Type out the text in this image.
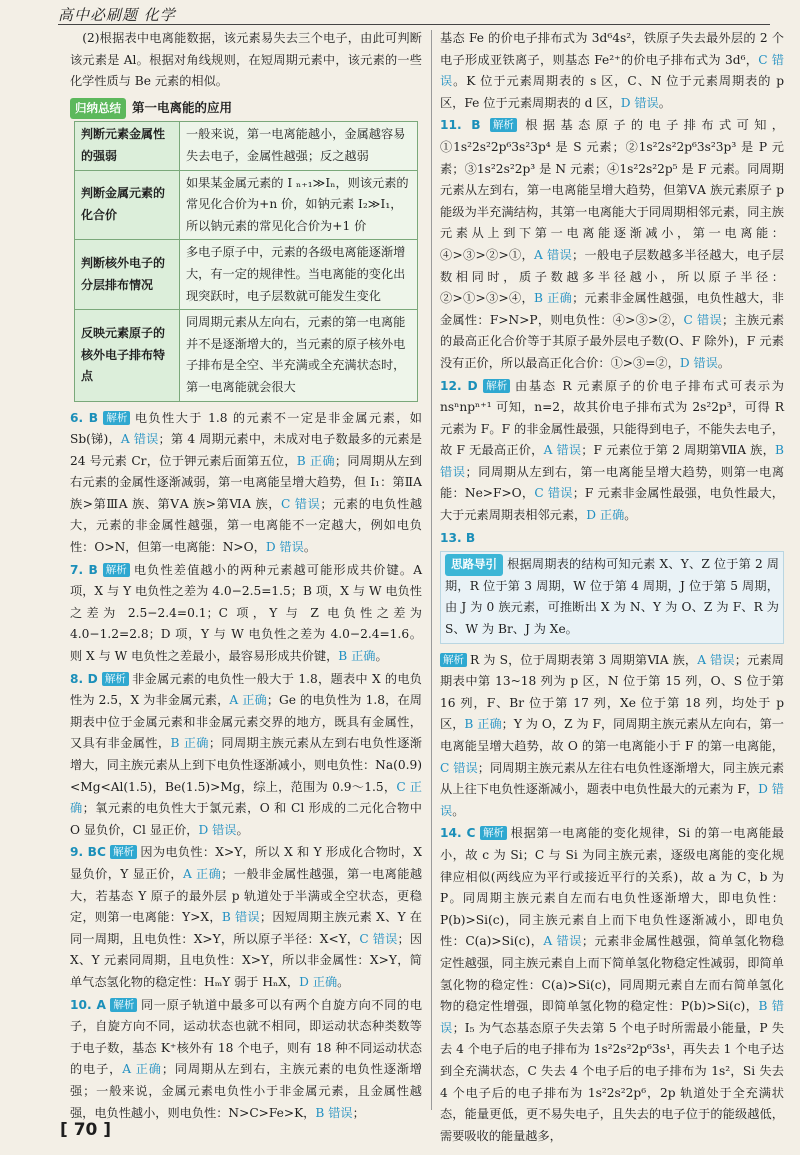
高中必刷题 化学

(2)根据表中电离能数据，该元素易失去三个电子，由此可判断该元素是 Al。根据对角线规则，在短周期元素中，该元素的一些化学性质与 Be 元素的相似。

归纳总结 第一电离能的应用
判断元素金属性的强弱	一般来说，第一电离能越小，金属越容易失去电子，金属性越强；反之越弱
判断金属元素的化合价	如果某金属元素的 I ₙ₊₁≫Iₙ，则该元素的常见化合价为+n 价，如钠元素 I₂≫I₁，所以钠元素的常见化合价为+1 价
判断核外电子的分层排布情况	多电子原子中，元素的各级电离能逐渐增大，有一定的规律性。当电离能的变化出现突跃时，电子层数就可能发生变化
反映元素原子的核外电子排布特点	同周期元素从左向右，元素的第一电离能并不是逐渐增大的，当元素的原子核外电子排布是全空、半充满或全充满状态时，第一电离能就会很大

6. B 解析 电负性大于 1.8 的元素不一定是非金属元素，如 Sb(锑)，A 错误；第 4 周期元素中，未成对电子数最多的元素是 24 号元素 Cr，位于钾元素后面第五位，B 正确；同周期从左到右元素的金属性逐渐减弱，第一电离能呈增大趋势，但 I₁：第ⅡA 族>第ⅢA 族、第ⅤA 族>第ⅥA 族，C 错误；元素的电负性越大，元素的非金属性越强，第一电离能不一定越大，例如电负性：O>N，但第一电离能：N>O，D 错误。

7. B 解析 电负性差值越小的两种元素越可能形成共价键。A 项，X 与 Y 电负性之差为 4.0−2.5=1.5；B 项，X 与 W 电负性之差为 2.5−2.4=0.1；C 项，Y 与 Z 电负性之差为 4.0−1.2=2.8；D 项，Y 与 W 电负性之差为 4.0−2.4=1.6。则 X 与 W 电负性之差最小，最容易形成共价键，B 正确。

8. D 解析 非金属元素的电负性一般大于 1.8，题表中 X 的电负性为 2.5，X 为非金属元素，A 正确；Ge 的电负性为 1.8，在周期表中位于金属元素和非金属元素交界的地方，既具有金属性，又具有非金属性，B 正确；同周期主族元素从左到右电负性逐渐增大，同主族元素从上到下电负性逐渐减小，则电负性：Na(0.9)<Mg<Al(1.5)，Be(1.5)>Mg，综上，范围为 0.9～1.5，C 正确；氧元素的电负性大于氯元素，O 和 Cl 形成的二元化合物中 O 显负价，Cl 显正价，D 错误。

9. BC 解析 因为电负性：X>Y，所以 X 和 Y 形成化合物时，X 显负价，Y 显正价，A 正确；一般非金属性越强，第一电离能越大，若基态 Y 原子的最外层 p 轨道处于半满或全空状态，更稳定，则第一电离能：Y>X，B 错误；因短周期主族元素 X、Y 在同一周期，且电负性：X>Y，所以原子半径：X<Y，C 错误；因 X、Y 元素同周期，且电负性：X>Y，所以非金属性：X>Y，简单气态氢化物的稳定性：HₘY 弱于 HₙX，D 正确。

10. A 解析 同一原子轨道中最多可以有两个自旋方向不同的电子，自旋方向不同，运动状态也就不相同，即运动状态种类数等于电子数，基态 K⁺核外有 18 个电子，则有 18 种不同运动状态的电子，A 正确；同周期从左到右，主族元素的电负性逐渐增强；一般来说，金属元素电负性小于非金属元素，且金属性越强，电负性越小，则电负性：N>C>Fe>K，B 错误；

基态 Fe 的价电子排布式为 3d⁶4s²，铁原子失去最外层的 2 个电子形成亚铁离子，则基态 Fe²⁺的价电子排布式为 3d⁶，C 错误。K 位于元素周期表的 s 区，C、N 位于元素周期表的 p 区，Fe 位于元素周期表的 d 区，D 错误。

11. B 解析 根据基态原子的电子排布式可知，①1s²2s²2p⁶3s²3p⁴ 是 S 元素；②1s²2s²2p⁶3s²3p³ 是 P 元素；③1s²2s²2p³ 是 N 元素；④1s²2s²2p⁵ 是 F 元素。同周期元素从左到右，第一电离能呈增大趋势，但第ⅤA 族元素原子 p 能级为半充满结构，其第一电离能大于同周期相邻元素，同主族元素从上到下第一电离能逐渐减小，第一电离能：④>③>②>①，A 错误；一般电子层数越多半径越大，电子层数相同时，质子数越多半径越小，所以原子半径：②>①>③>④，B 正确；元素非金属性越强，电负性越大，非金属性：F>N>P，则电负性：④>③>②，C 错误；主族元素的最高正化合价等于其原子最外层电子数(O、F 除外)，F 元素没有正价，所以最高正化合价：①>③=②，D 错误。

12. D 解析 由基态 R 元素原子的价电子排布式可表示为 nsⁿnpⁿ⁺¹ 可知，n=2，故其价电子排布式为 2s²2p³，可得 R 元素为 F。F 的非金属性最强，只能得到电子，不能失去电子，故 F 无最高正价，A 错误；F 元素位于第 2 周期第ⅦA 族，B 错误；同周期从左到右，第一电离能呈增大趋势，则第一电离能：Ne>F>O，C 错误；F 元素非金属性最强，电负性最大，大于元素周期表相邻元素，D 正确。

13. B

思路导引 根据周期表的结构可知元素 X、Y、Z 位于第 2 周期，R 位于第 3 周期，W 位于第 4 周期，J 位于第 5 周期，由 J 为 0 族元素，可推断出 X 为 N、Y 为 O、Z 为 F、R 为 S、W 为 Br、J 为 Xe。

解析 R 为 S，位于周期表第 3 周期第ⅥA 族，A 错误；元素周期表中第 13~18 列为 p 区，N 位于第 15 列，O、S 位于第 16 列，F、Br 位于第 17 列，Xe 位于第 18 列，均处于 p 区，B 正确；Y 为 O，Z 为 F，同周期主族元素从左向右，第一电离能呈增大趋势，故 O 的第一电离能小于 F 的第一电离能，C 错误；同周期主族元素从左往右电负性逐渐增大，同主族元素从上往下电负性逐渐减小，题表中电负性最大的元素为 F，D 错误。

14. C 解析 根据第一电离能的变化规律，Si 的第一电离能最小，故 c 为 Si；C 与 Si 为同主族元素，逐级电离能的变化规律应相似(两线应为平行或接近平行的关系)，故 a 为 C，b 为 P。同周期主族元素自左而右电负性逐渐增大，即电负性：P(b)>Si(c)，同主族元素自上而下电负性逐渐减小，即电负性：C(a)>Si(c)，A 错误；元素非金属性越强，简单氢化物稳定性越强，同主族元素自上而下简单氢化物稳定性减弱，即简单氢化物的稳定性：C(a)>Si(c)，同周期元素自左而右简单氢化物的稳定性增强，即简单氢化物的稳定性：P(b)>Si(c)，B 错误；I₅ 为气态基态原子失去第 5 个电子时所需最小能量，P 失去 4 个电子后的电子排布为 1s²2s²2p⁶3s¹，再失去 1 个电子达到全充满状态，C 失去 4 个电子后的电子排布为 1s²，Si 失去 4 个电子后的电子排布为 1s²2s²2p⁶，2p 轨道处于全充满状态，能量更低，更不易失电子，且失去的电子位于的能级越低，需要吸收的能量越多，

[ 70 ]
